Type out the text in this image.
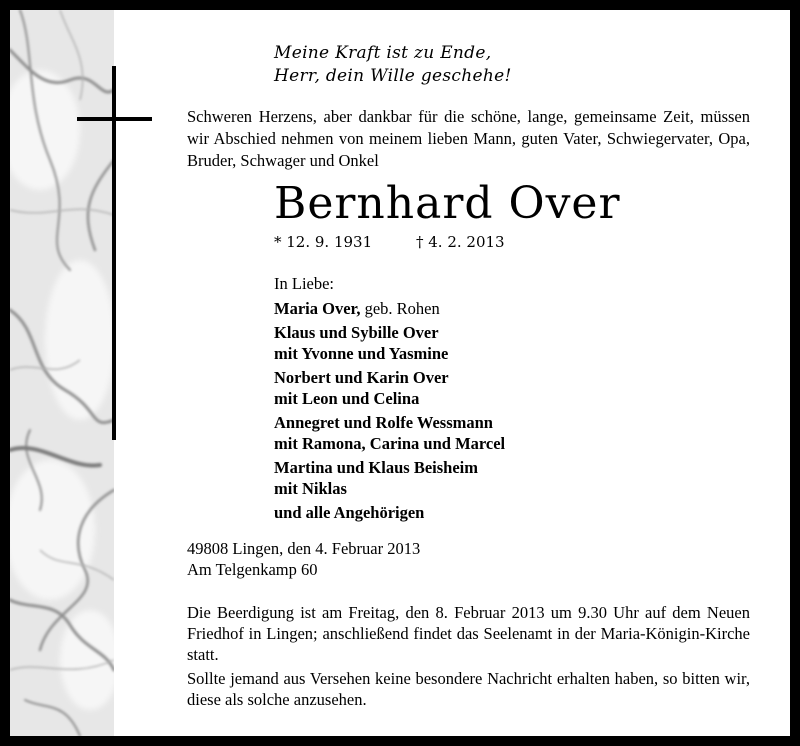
Meine Kraft ist zu Ende,
Herr, dein Wille geschehe!
Schweren Herzens, aber dankbar für die schöne, lange, gemeinsame Zeit, müssen wir Abschied nehmen von meinem lieben Mann, guten Vater, Schwiegervater, Opa, Bruder, Schwager und Onkel
Bernhard Over
* 12. 9. 1931	† 4. 2. 2013
In Liebe:
Maria Over, geb. Rohen
Klaus und Sybille Over
mit Yvonne und Yasmine
Norbert und Karin Over
mit Leon und Celina
Annegret und Rolfe Wessmann
mit Ramona, Carina und Marcel
Martina und Klaus Beisheim
mit Niklas
und alle Angehörigen
49808 Lingen, den 4. Februar 2013
Am Telgenkamp 60
Die Beerdigung ist am Freitag, den 8. Februar 2013 um 9.30 Uhr auf dem Neuen Friedhof in Lingen; anschließend findet das Seelenamt in der Maria-Königin-Kirche statt.
Sollte jemand aus Versehen keine besondere Nachricht erhalten haben, so bitten wir, diese als solche anzusehen.
